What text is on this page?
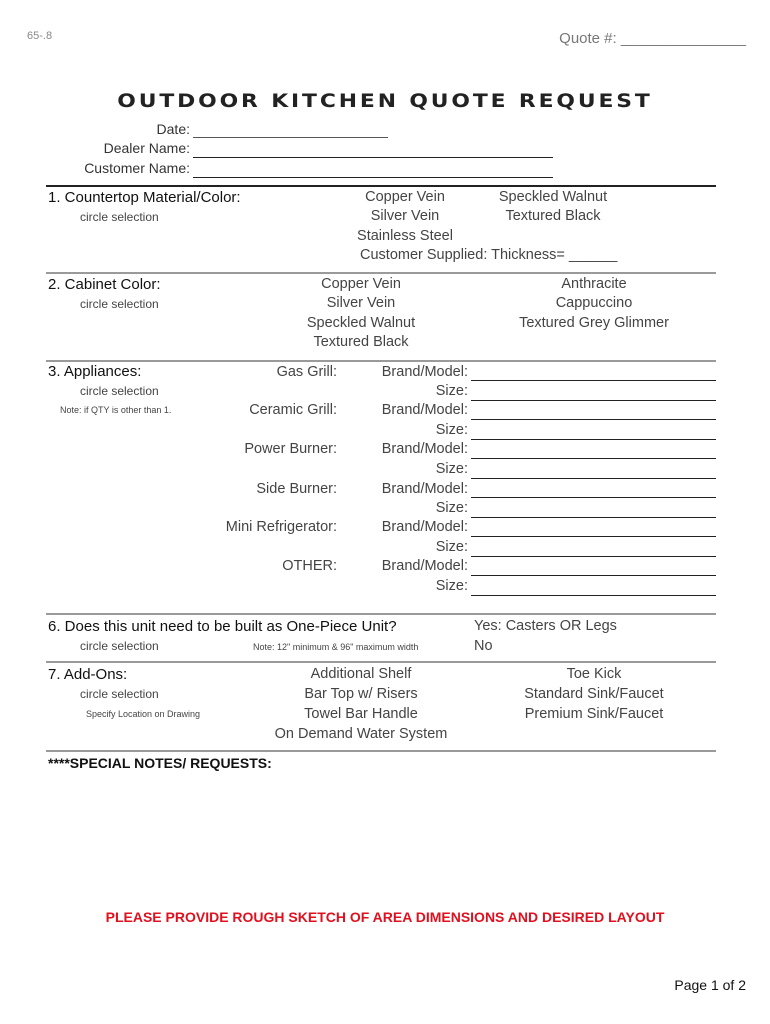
65-.8	Quote #: _______________
OUTDOOR KITCHEN QUOTE REQUEST
Date:
Dealer Name:
Customer Name:
1. Countertop Material/Color:
circle selection
Copper Vein
Silver Vein
Stainless Steel
Speckled Walnut
Textured Black
Customer Supplied: Thickness= ______
2. Cabinet Color:
circle selection
Copper Vein
Silver Vein
Speckled Walnut
Textured Black
Anthracite
Cappuccino
Textured Grey Glimmer
3. Appliances:
circle selection
Note: if QTY is other than 1.
Gas Grill:
Ceramic Grill:
Power Burner:
Side Burner:
Mini Refrigerator:
OTHER:
Brand/Model:
Size:
Brand/Model:
Size:
Brand/Model:
Size:
Brand/Model:
Size:
Brand/Model:
Size:
Brand/Model:
Size:
6. Does this unit need to be built as One-Piece Unit?
circle selection	Note: 12" minimum & 96" maximum width
Yes: Casters OR Legs
No
7. Add-Ons:
circle selection
Specify Location on Drawing
Additional Shelf
Bar Top w/ Risers
Towel Bar Handle
On Demand Water System
Toe Kick
Standard Sink/Faucet
Premium Sink/Faucet
****SPECIAL NOTES/ REQUESTS:
PLEASE PROVIDE ROUGH SKETCH OF AREA DIMENSIONS AND DESIRED LAYOUT
Page 1 of 2
